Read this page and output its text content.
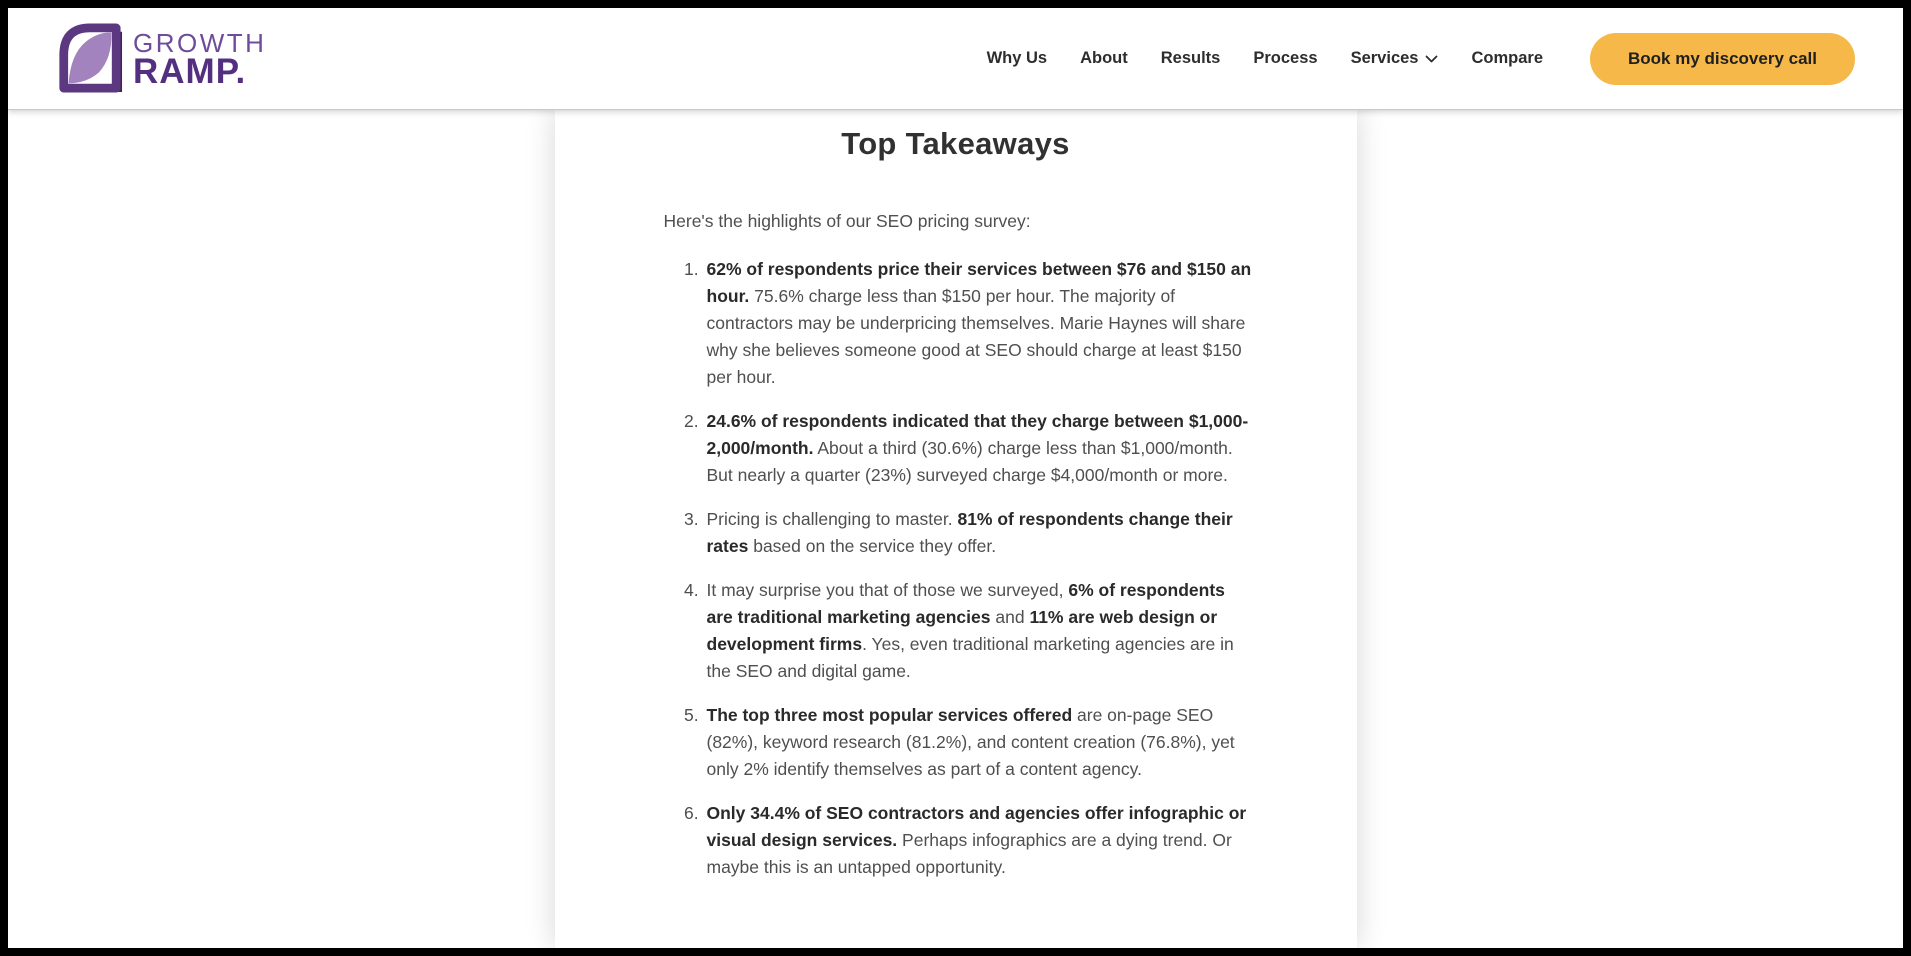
GROWTH
RAMP.	Why Us About Results Process Services	Compare	Book my discovery call
Top Takeaways

Here's the highlights of our SEO pricing survey:

1. 62% of respondents price their services between $76 and $150 an hour. 75.6% charge less than $150 per hour. The majority of contractors may be underpricing themselves. Marie Haynes will share why she believes someone good at SEO should charge at least $150 per hour.
2. 24.6% of respondents indicated that they charge between $1,000-2,000/month. About a third (30.6%) charge less than $1,000/month. But nearly a quarter (23%) surveyed charge $4,000/month or more.
3. Pricing is challenging to master. 81% of respondents change their rates based on the service they offer.
4. It may surprise you that of those we surveyed, 6% of respondents are traditional marketing agencies and 11% are web design or development firms. Yes, even traditional marketing agencies are in the SEO and digital game.
5. The top three most popular services offered are on-page SEO (82%), keyword research (81.2%), and content creation (76.8%), yet only 2% identify themselves as part of a content agency.
6. Only 34.4% of SEO contractors and agencies offer infographic or visual design services. Perhaps infographics are a dying trend. Or maybe this is an untapped opportunity.
